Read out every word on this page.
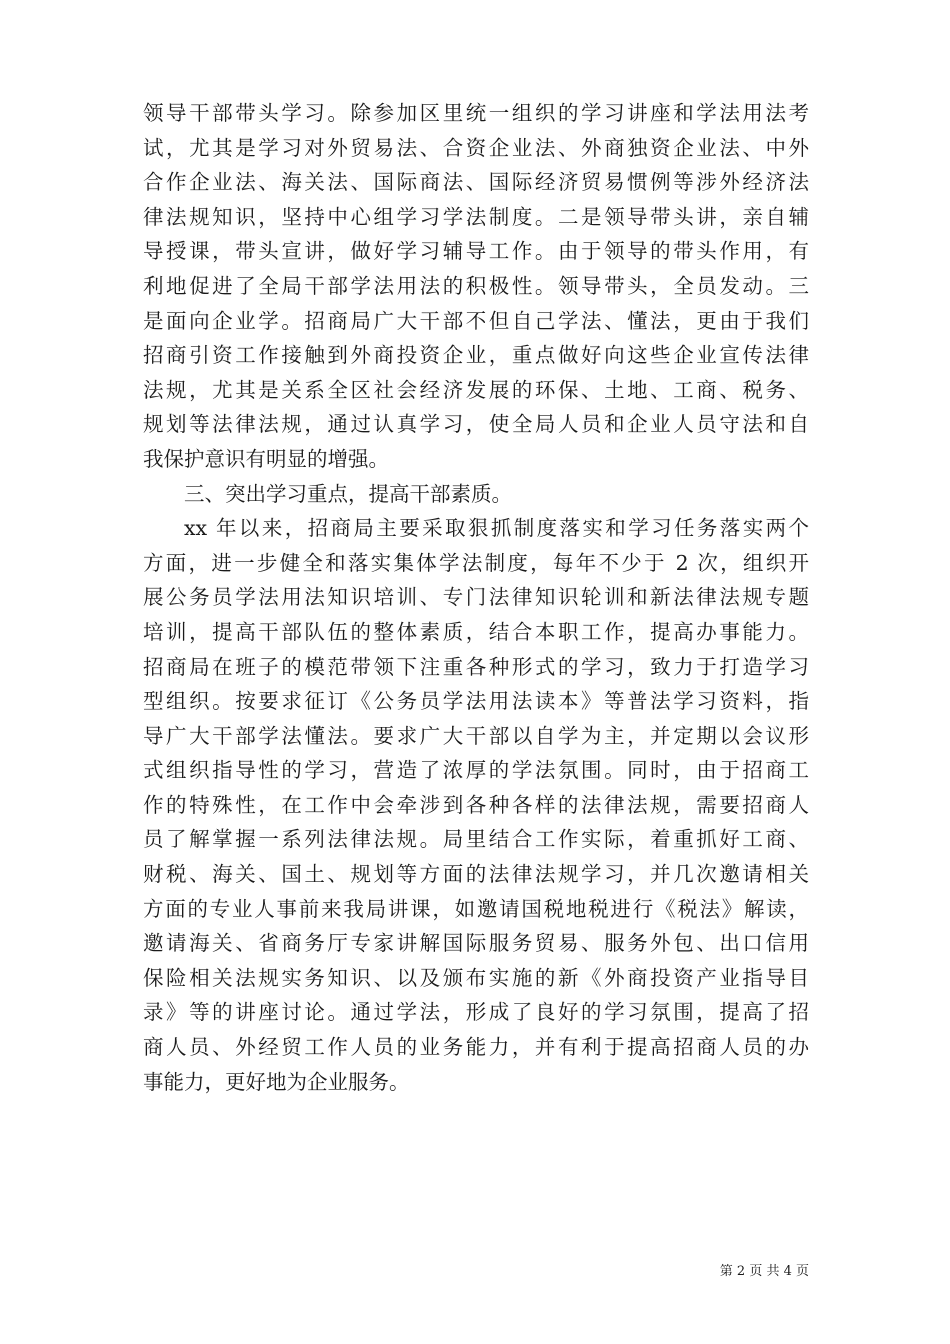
领导干部带头学习。除参加区里统一组织的学习讲座和学法用法考
试，尤其是学习对外贸易法、合资企业法、外商独资企业法、中外
合作企业法、海关法、国际商法、国际经济贸易惯例等涉外经济法
律法规知识，坚持中心组学习学法制度。二是领导带头讲，亲自辅
导授课，带头宣讲，做好学习辅导工作。由于领导的带头作用，有
利地促进了全局干部学法用法的积极性。领导带头，全员发动。三
是面向企业学。招商局广大干部不但自己学法、懂法，更由于我们
招商引资工作接触到外商投资企业，重点做好向这些企业宣传法律
法规，尤其是关系全区社会经济发展的环保、土地、工商、税务、
规划等法律法规，通过认真学习，使全局人员和企业人员守法和自
我保护意识有明显的增强。
三、突出学习重点，提高干部素质。
xx 年以来，招商局主要采取狠抓制度落实和学习任务落实两个
方面，进一步健全和落实集体学法制度，每年不少于 2 次，组织开
展公务员学法用法知识培训、专门法律知识轮训和新法律法规专题
培训，提高干部队伍的整体素质，结合本职工作，提高办事能力。
招商局在班子的模范带领下注重各种形式的学习，致力于打造学习
型组织。按要求征订《公务员学法用法读本》等普法学习资料，指
导广大干部学法懂法。要求广大干部以自学为主，并定期以会议形
式组织指导性的学习，营造了浓厚的学法氛围。同时，由于招商工
作的特殊性，在工作中会牵涉到各种各样的法律法规，需要招商人
员了解掌握一系列法律法规。局里结合工作实际，着重抓好工商、
财税、海关、国土、规划等方面的法律法规学习，并几次邀请相关
方面的专业人事前来我局讲课，如邀请国税地税进行《税法》解读，
邀请海关、省商务厅专家讲解国际服务贸易、服务外包、出口信用
保险相关法规实务知识、以及颁布实施的新《外商投资产业指导目
录》等的讲座讨论。通过学法，形成了良好的学习氛围，提高了招
商人员、外经贸工作人员的业务能力，并有利于提高招商人员的办
事能力，更好地为企业服务。
第 2 页 共 4 页
